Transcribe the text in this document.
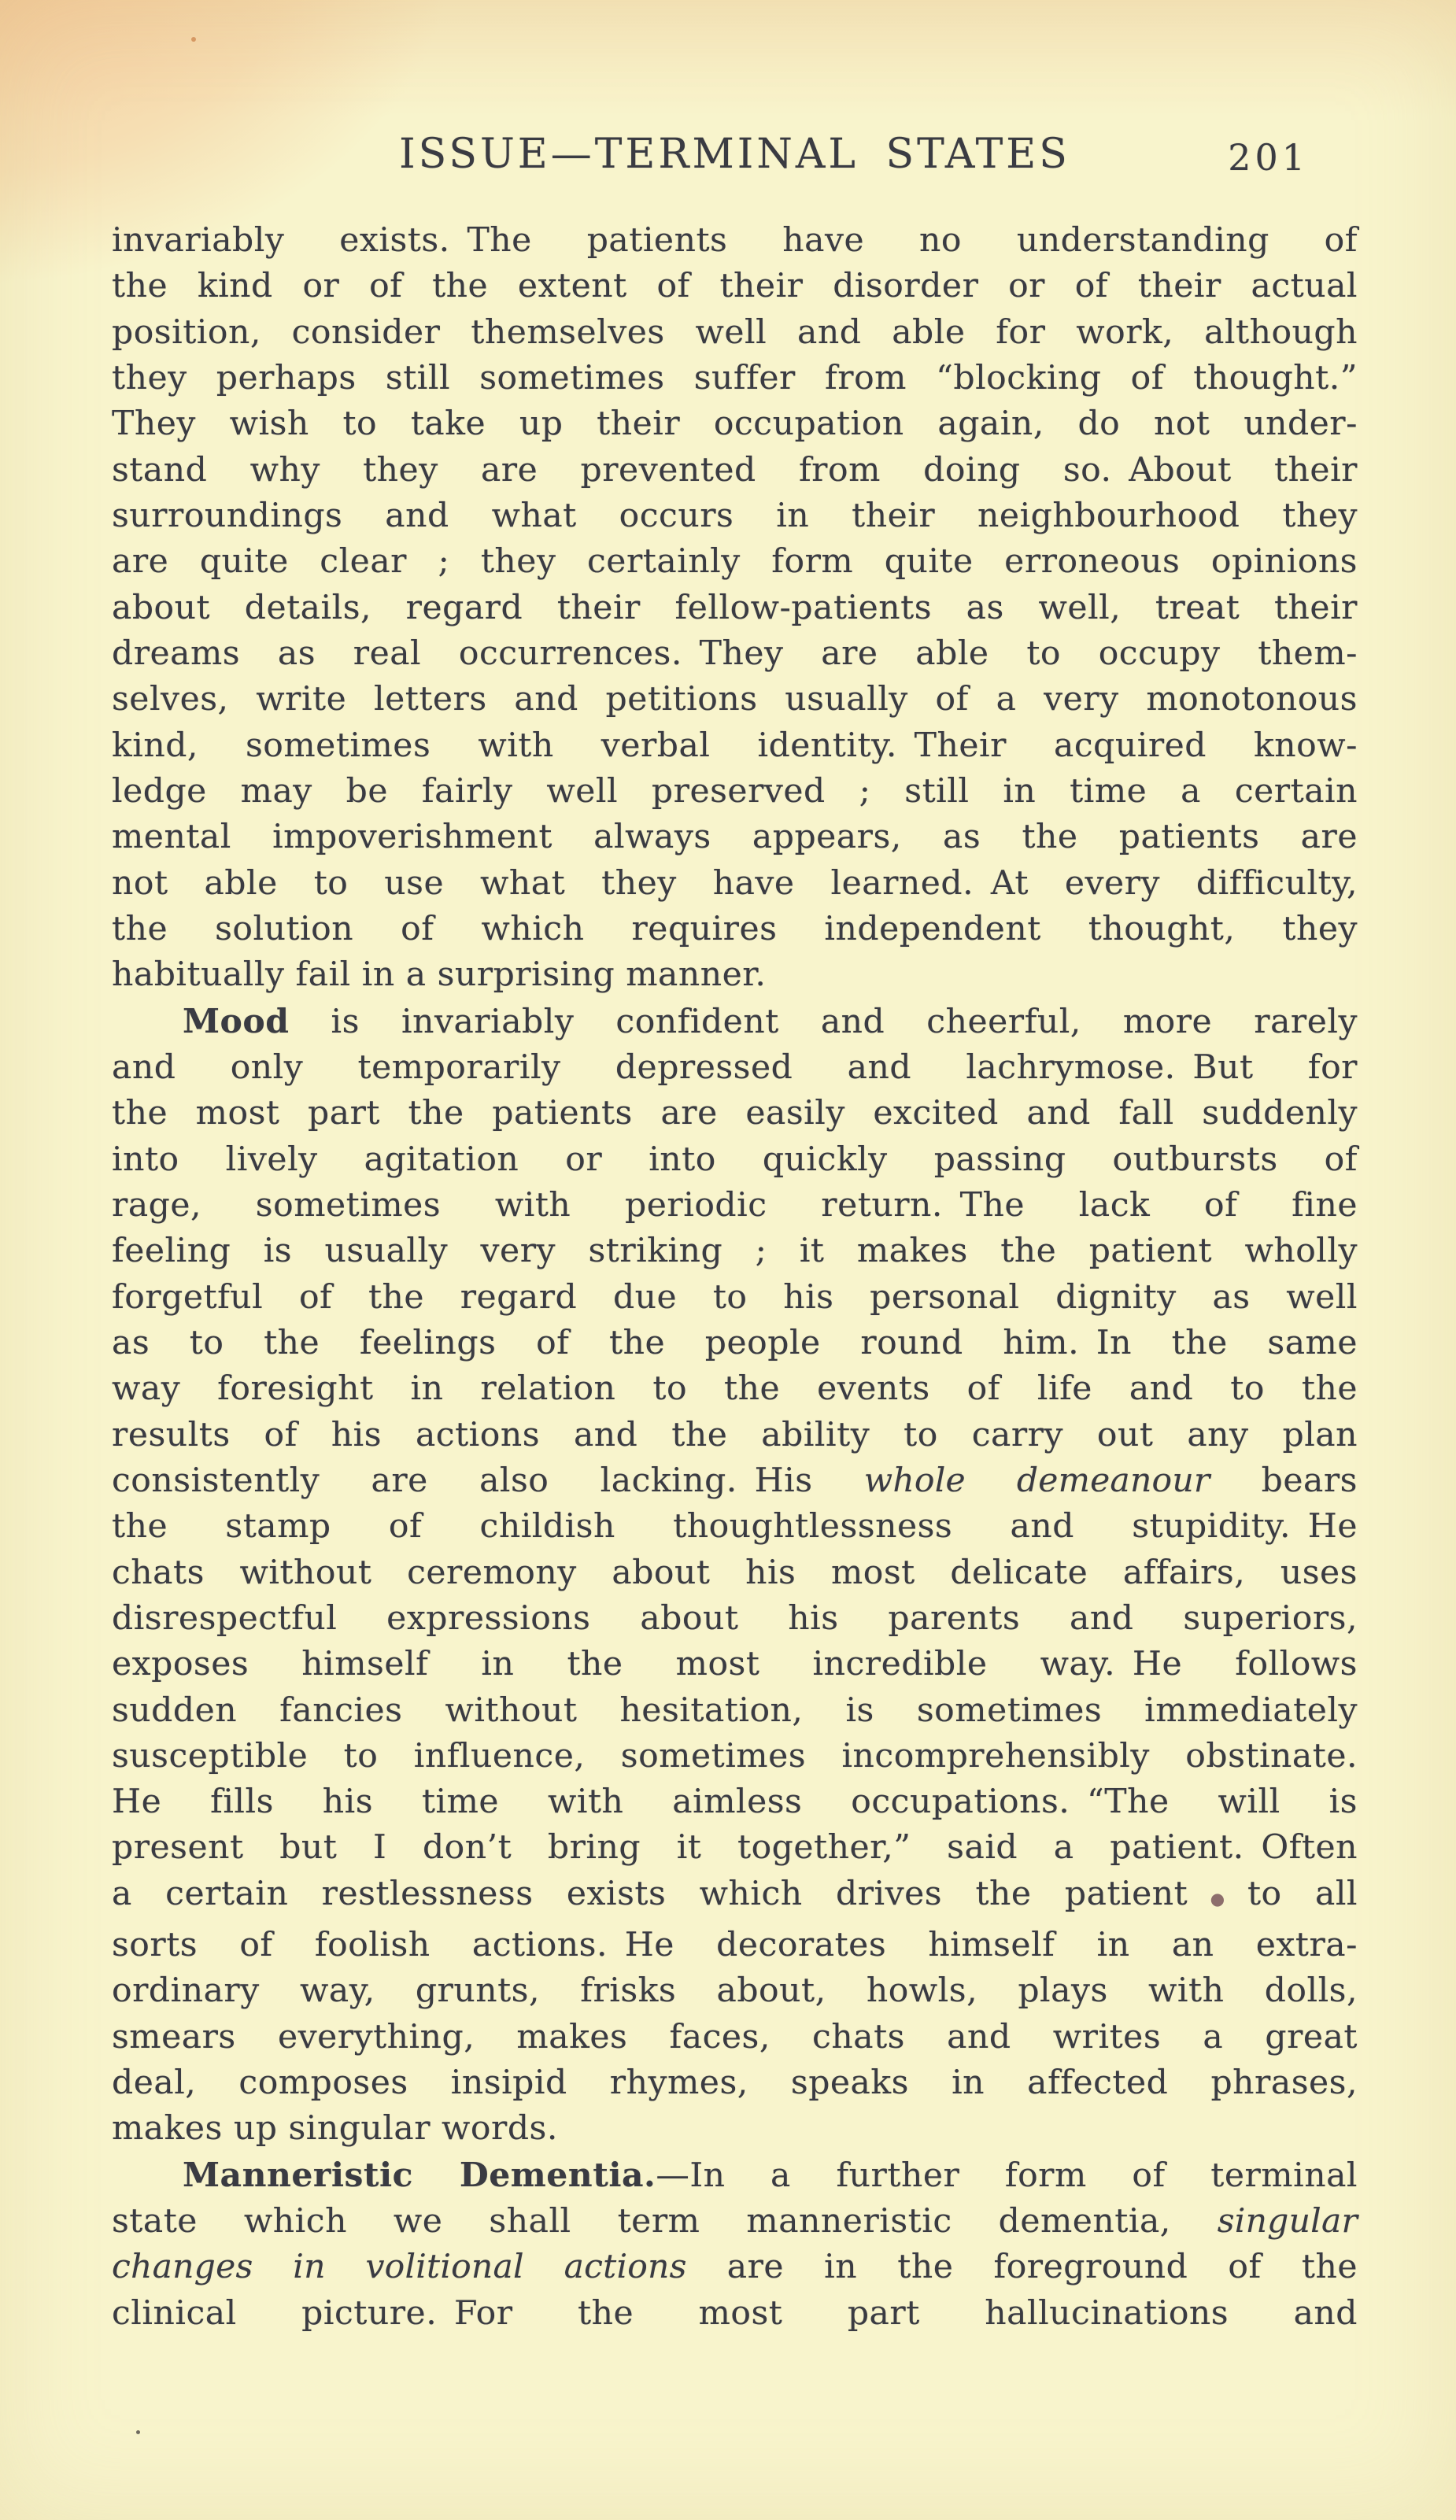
ISSUE—TERMINAL STATES	201
invariably exists. The patients have no understanding of
the kind or of the extent of their disorder or of their actual
position, consider themselves well and able for work, although
they perhaps still sometimes suffer from “blocking of thought.”
They wish to take up their occupation again, do not under-
stand why they are prevented from doing so. About their
surroundings and what occurs in their neighbourhood they
are quite clear ; they certainly form quite erroneous opinions
about details, regard their fellow-patients as well, treat their
dreams as real occurrences. They are able to occupy them-
selves, write letters and petitions usually of a very monotonous
kind, sometimes with verbal identity. Their acquired know-
ledge may be fairly well preserved ; still in time a certain
mental impoverishment always appears, as the patients are
not able to use what they have learned. At every difficulty,
the solution of which requires independent thought, they
habitually fail in a surprising manner.
Mood is invariably confident and cheerful, more rarely
and only temporarily depressed and lachrymose. But for
the most part the patients are easily excited and fall suddenly
into lively agitation or into quickly passing outbursts of
rage, sometimes with periodic return. The lack of fine
feeling is usually very striking ; it makes the patient wholly
forgetful of the regard due to his personal dignity as well
as to the feelings of the people round him. In the same
way foresight in relation to the events of life and to the
results of his actions and the ability to carry out any plan
consistently are also lacking. His whole demeanour bears
the stamp of childish thoughtlessness and stupidity. He
chats without ceremony about his most delicate affairs, uses
disrespectful expressions about his parents and superiors,
exposes himself in the most incredible way. He follows
sudden fancies without hesitation, is sometimes immediately
susceptible to influence, sometimes incomprehensibly obstinate.
He fills his time with aimless occupations. “The will is
present but I don’t bring it together,” said a patient. Often
a certain restlessness exists which drives the patient●to all
sorts of foolish actions. He decorates himself in an extra-
ordinary way, grunts, frisks about, howls, plays with dolls,
smears everything, makes faces, chats and writes a great
deal, composes insipid rhymes, speaks in affected phrases,
makes up singular words.
Manneristic Dementia.—In a further form of terminal
state which we shall term manneristic dementia, singular
changes in volitional actions are in the foreground of the
clinical picture. For the most part hallucinations and
